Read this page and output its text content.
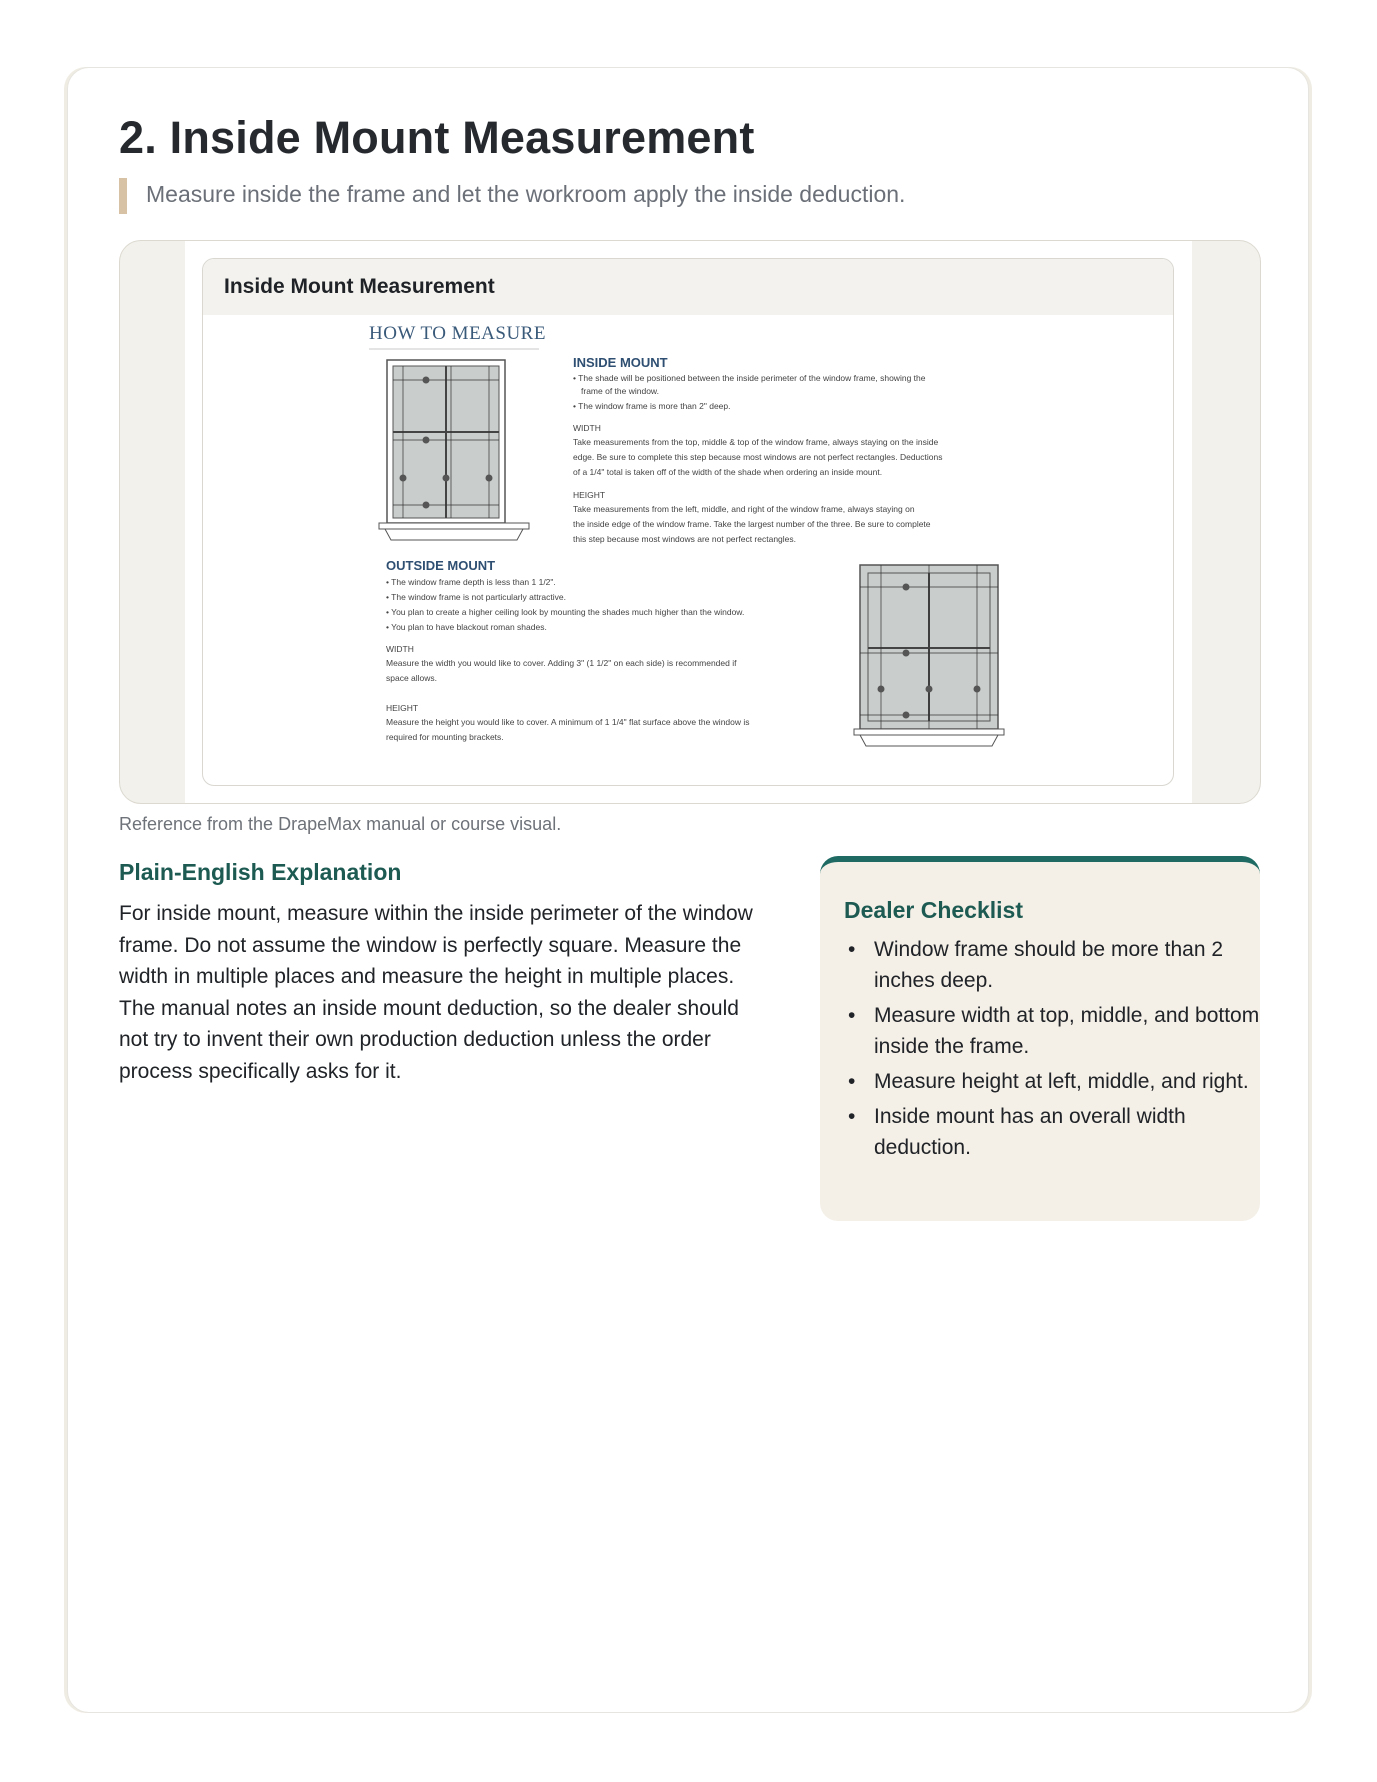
2. Inside Mount Measurement
Measure inside the frame and let the workroom apply the inside deduction.
Inside Mount Measurement
HOW TO MEASURE
INSIDE MOUNT
• The shade will be positioned between the inside perimeter of the window frame, showing the
frame of the window.
• The window frame is more than 2" deep.
WIDTH
Take measurements from the top, middle & top of the window frame, always staying on the inside
edge. Be sure to complete this step because most windows are not perfect rectangles. Deductions
of a 1/4" total is taken off of the width of the shade when ordering an inside mount.
HEIGHT
Take measurements from the left, middle, and right of the window frame, always staying on
the inside edge of the window frame. Take the largest number of the three. Be sure to complete
this step because most windows are not perfect rectangles.
OUTSIDE MOUNT
• The window frame depth is less than 1 1/2".
• The window frame is not particularly attractive.
• You plan to create a higher ceiling look by mounting the shades much higher than the window.
• You plan to have blackout roman shades.
WIDTH
Measure the width you would like to cover. Adding 3" (1 1/2" on each side) is recommended if
space allows.
HEIGHT
Measure the height you would like to cover. A minimum of 1 1/4" flat surface above the window is
required for mounting brackets.
Reference from the DrapeMax manual or course visual.
Plain-English Explanation

For inside mount, measure within the inside perimeter of the window frame. Do not assume the window is perfectly square. Measure the width in multiple places and measure the height in multiple places. The manual notes an inside mount deduction, so the dealer should not try to invent their own production deduction unless the order process specifically asks for it.

Dealer Checklist
• Window frame should be more than 2 inches deep.
• Measure width at top, middle, and bottom inside the frame.
• Measure height at left, middle, and right.
• Inside mount has an overall width deduction.
